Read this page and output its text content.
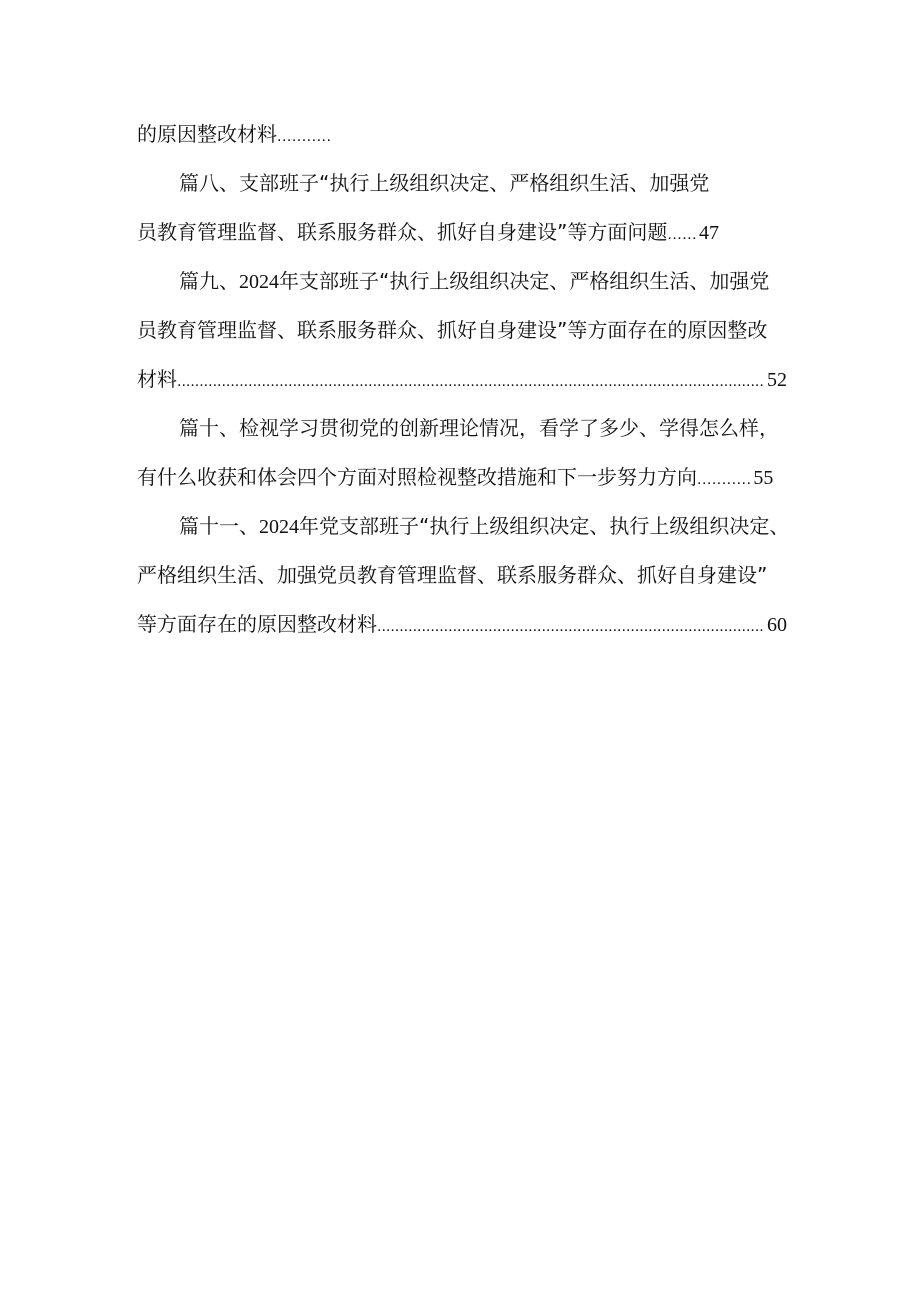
的原因整改材料 ...........
篇八、支部班子“执行上级组织决定、严格组织生活、加强党
员教育管理监督、联系服务群众、抓好自身建设”等方面问题 ...... 47
篇九、 2024 年支部班子“执行上级组织决定、严格组织生活、加强党
员教育管理监督、联系服务群众、抓好自身建设”等方面存在的原因整改
材料 .....	52
篇十、检视学习贯彻党的创新理论情况，看学了多少、学得怎么样，
有什么收获和体会四个方面对照检视整改措施和下一步努力方向 ........... 55
篇十一、 2024 年党支部班子“执行上级组织决定、执行上级组织决定、
严格组织生活、加强党员教育管理监督、联系服务群众、抓好自身建设”
等方面存在的原因整改材料 .....	60
